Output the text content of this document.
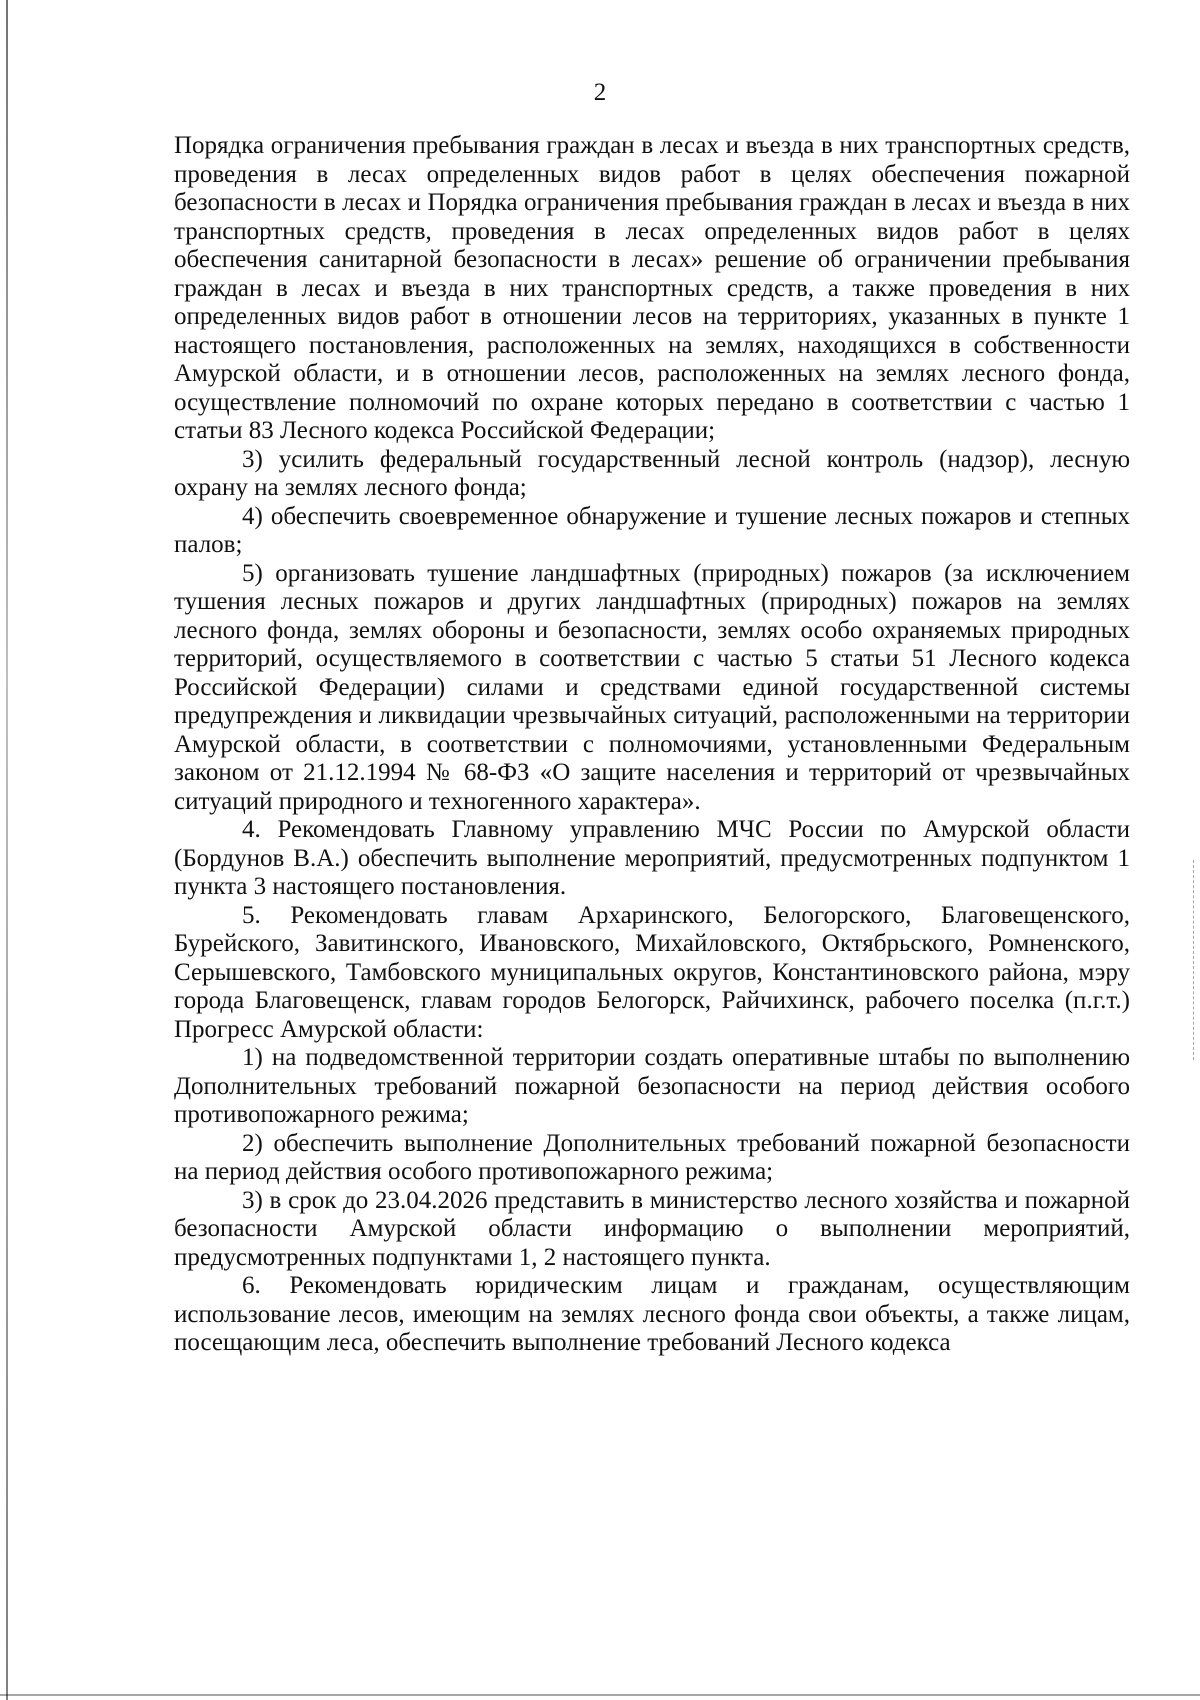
2

Порядка ограничения пребывания граждан в лесах и въезда в них транспортных средств, проведения в лесах определенных видов работ в целях обеспечения пожарной безопасности в лесах и Порядка ограничения пребывания граждан в лесах и въезда в них транспортных средств, проведения в лесах определенных видов работ в целях обеспечения санитарной безопасности в лесах» решение об ограничении пребывания граждан в лесах и въезда в них транспортных средств, а также проведения в них определенных видов работ в отношении лесов на территориях, указанных в пункте 1 настоящего постановления, расположенных на землях, находящихся в собственности Амурской области, и в отношении лесов, расположенных на землях лесного фонда, осуществление полномочий по охране которых передано в соответствии с частью 1 статьи 83 Лесного кодекса Российской Федерации;

3) усилить федеральный государственный лесной контроль (надзор), лесную охрану на землях лесного фонда;

4) обеспечить своевременное обнаружение и тушение лесных пожаров и степных палов;

5) организовать тушение ландшафтных (природных) пожаров (за исключением тушения лесных пожаров и других ландшафтных (природных) пожаров на землях лесного фонда, землях обороны и безопасности, землях особо охраняемых природных территорий, осуществляемого в соответствии с частью 5 статьи 51 Лесного кодекса Российской Федерации) силами и средствами единой государственной системы предупреждения и ликвидации чрезвычайных ситуаций, расположенными на территории Амурской области, в соответствии с полномочиями, установленными Федеральным законом от 21.12.1994 № 68-ФЗ «О защите населения и территорий от чрезвычайных ситуаций природного и техногенного характера».

4. Рекомендовать Главному управлению МЧС России по Амурской области (Бордунов В.А.) обеспечить выполнение мероприятий, предусмотренных подпунктом 1 пункта 3 настоящего постановления.

5. Рекомендовать главам Архаринского, Белогорского, Благовещенского, Бурейского, Завитинского, Ивановского, Михайловского, Октябрьского, Ромненского, Серышевского, Тамбовского муниципальных округов, Константиновского района, мэру города Благовещенск, главам городов Белогорск, Райчихинск, рабочего поселка (п.г.т.) Прогресс Амурской области:

1) на подведомственной территории создать оперативные штабы по выполнению Дополнительных требований пожарной безопасности на период действия особого противопожарного режима;

2) обеспечить выполнение Дополнительных требований пожарной безопасности на период действия особого противопожарного режима;

3) в срок до 23.04.2026 представить в министерство лесного хозяйства и пожарной безопасности Амурской области информацию о выполнении мероприятий, предусмотренных подпунктами 1, 2 настоящего пункта.

6. Рекомендовать юридическим лицам и гражданам, осуществляющим использование лесов, имеющим на землях лесного фонда свои объекты, а также лицам, посещающим леса, обеспечить выполнение требований Лесного кодекса
